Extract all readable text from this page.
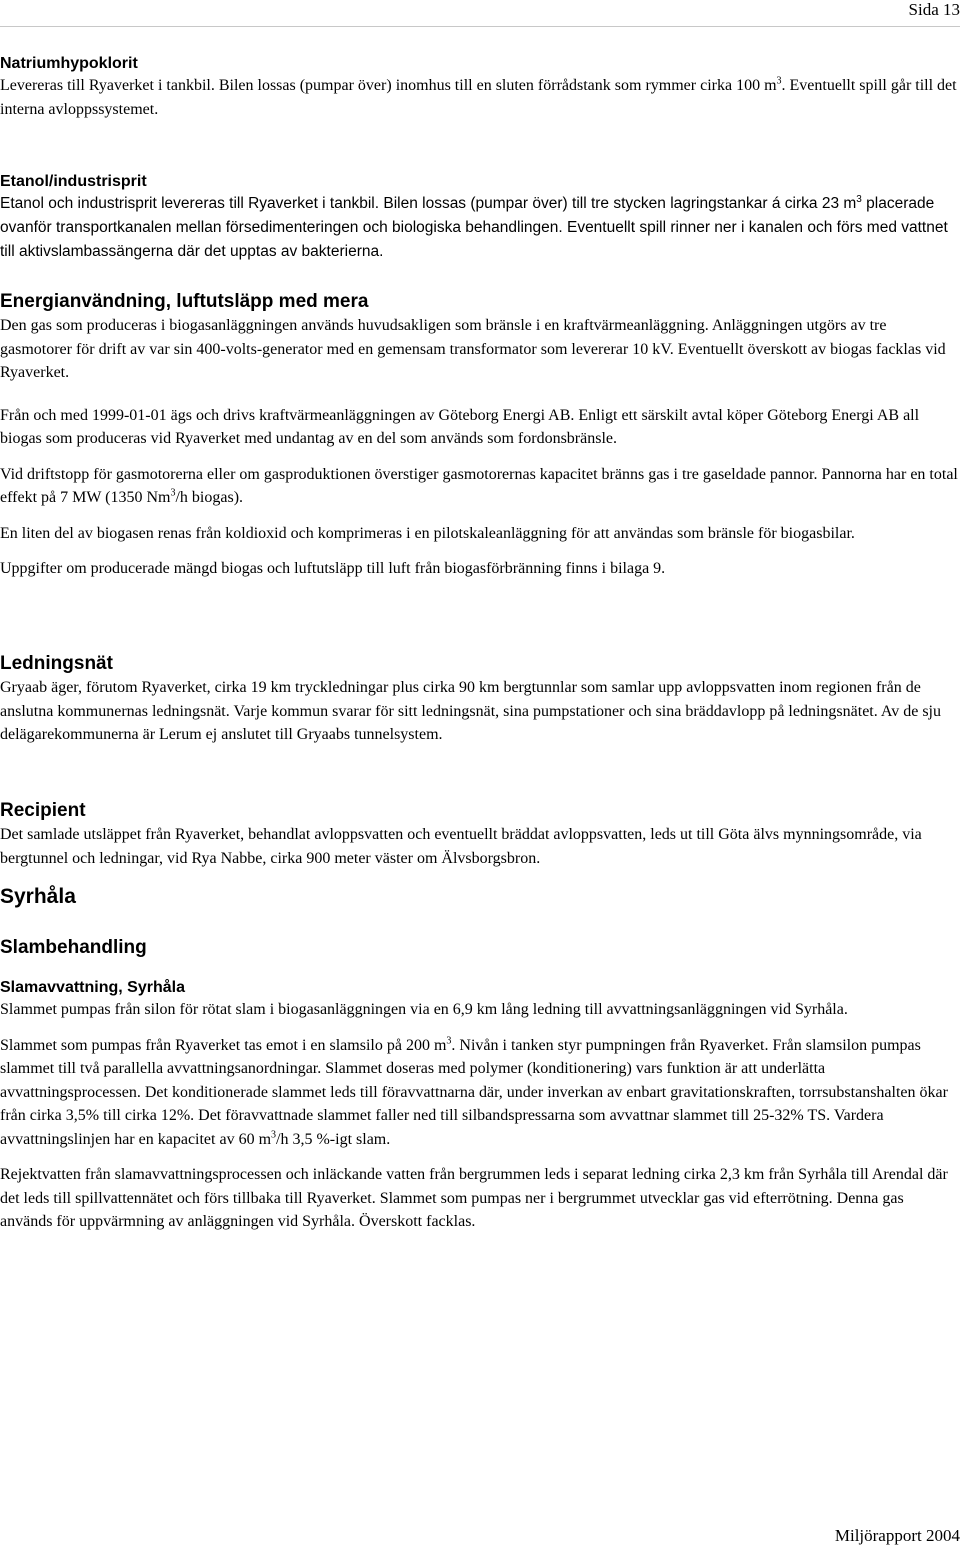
Sida 13
Natriumhypoklorit

Levereras till Ryaverket i tankbil. Bilen lossas (pumpar över) inomhus till en sluten förrådstank som rymmer cirka 100 $m^3$. Eventuellt spill går till det interna avloppssystemet.

Etanol/industrisprit

Etanol och industrisprit levereras till Ryaverket i tankbil. Bilen lossas (pumpar över) till tre stycken lagringstankar á cirka 23 $m^3$ placerade ovanför transportkanalen mellan försedimenteringen och biologiska behandlingen. Eventuellt spill rinner ner i kanalen och förs med vattnet till aktivslambassängerna där det upptas av bakterierna.

Energianvändning, luftutsläpp med mera

Den gas som produceras i biogasanläggningen används huvudsakligen som bränsle i en kraftvärmeanläggning. Anläggningen utgörs av tre gasmotorer för drift av var sin 400-volts-generator med en gemensam transformator som levererar 10 kV. Eventuellt överskott av biogas facklas vid Ryaverket.

Från och med 1999-01-01 ägs och drivs kraftvärmeanläggningen av Göteborg Energi AB. Enligt ett särskilt avtal köper Göteborg Energi AB all biogas som produceras vid Ryaverket med undantag av en del som används som fordonsbränsle.

Vid driftstopp för gasmotorerna eller om gasproduktionen överstiger gasmotorernas kapacitet bränns gas i tre gaseldade pannor. Pannorna har en total effekt på 7 MW (1350 Nm$^3$/h biogas).

En liten del av biogasen renas från koldioxid och komprimeras i en pilotskaleanläggning för att användas som bränsle för biogasbilar.

Uppgifter om producerade mängd biogas och luftutsläpp till luft från biogasförbränning finns i bilaga 9.

Ledningsnät

Gryaab äger, förutom Ryaverket, cirka 19 km tryckledningar plus cirka 90 km bergtunnlar som samlar upp avloppsvatten inom regionen från de anslutna kommunernas ledningsnät. Varje kommun svarar för sitt ledningsnät, sina pumpstationer och sina bräddavlopp på ledningsnätet. Av de sju delägarekommunerna är Lerum ej anslutet till Gryaabs tunnelsystem.

Recipient

Det samlade utsläppet från Ryaverket, behandlat avloppsvatten och eventuellt bräddat avloppsvatten, leds ut till Göta älvs mynningsområde, via bergtunnel och ledningar, vid Rya Nabbe, cirka 900 meter väster om Älvsborgsbron.

Syrhåla
Slambehandling
Slamavvattning, Syrhåla

Slammet pumpas från silon för rötat slam i biogasanläggningen via en 6,9 km lång ledning till avvattningsanläggningen vid Syrhåla.

Slammet som pumpas från Ryaverket tas emot i en slamsilo på 200 $m^3$. Nivån i tanken styr pumpningen från Ryaverket. Från slamsilon pumpas slammet till två parallella avvattningsanordningar. Slammet doseras med polymer (konditionering) vars funktion är att underlätta avvattningsprocessen. Det konditionerade slammet leds till föravvattnarna där, under inverkan av enbart gravitationskraften, torrsubstanshalten ökar från cirka 3,5% till cirka 12%. Det föravvattnade slammet faller ned till silbandspressarna som avvattnar slammet till 25-32% TS. Vardera avvattningslinjen har en kapacitet av 60 $m^3/h$ 3,5 %-igt slam.

Rejektvatten från slamavvattningsprocessen och inläckande vatten från bergrummen leds i separat ledning cirka 2,3 km från Syrhåla till Arendal där det leds till spillvattennätet och förs tillbaka till Ryaverket. Slammet som pumpas ner i bergrummet utvecklar gas vid efterrötning. Denna gas används för uppvärmning av anläggningen vid Syrhåla. Överskott facklas.

Miljörapport 2004
